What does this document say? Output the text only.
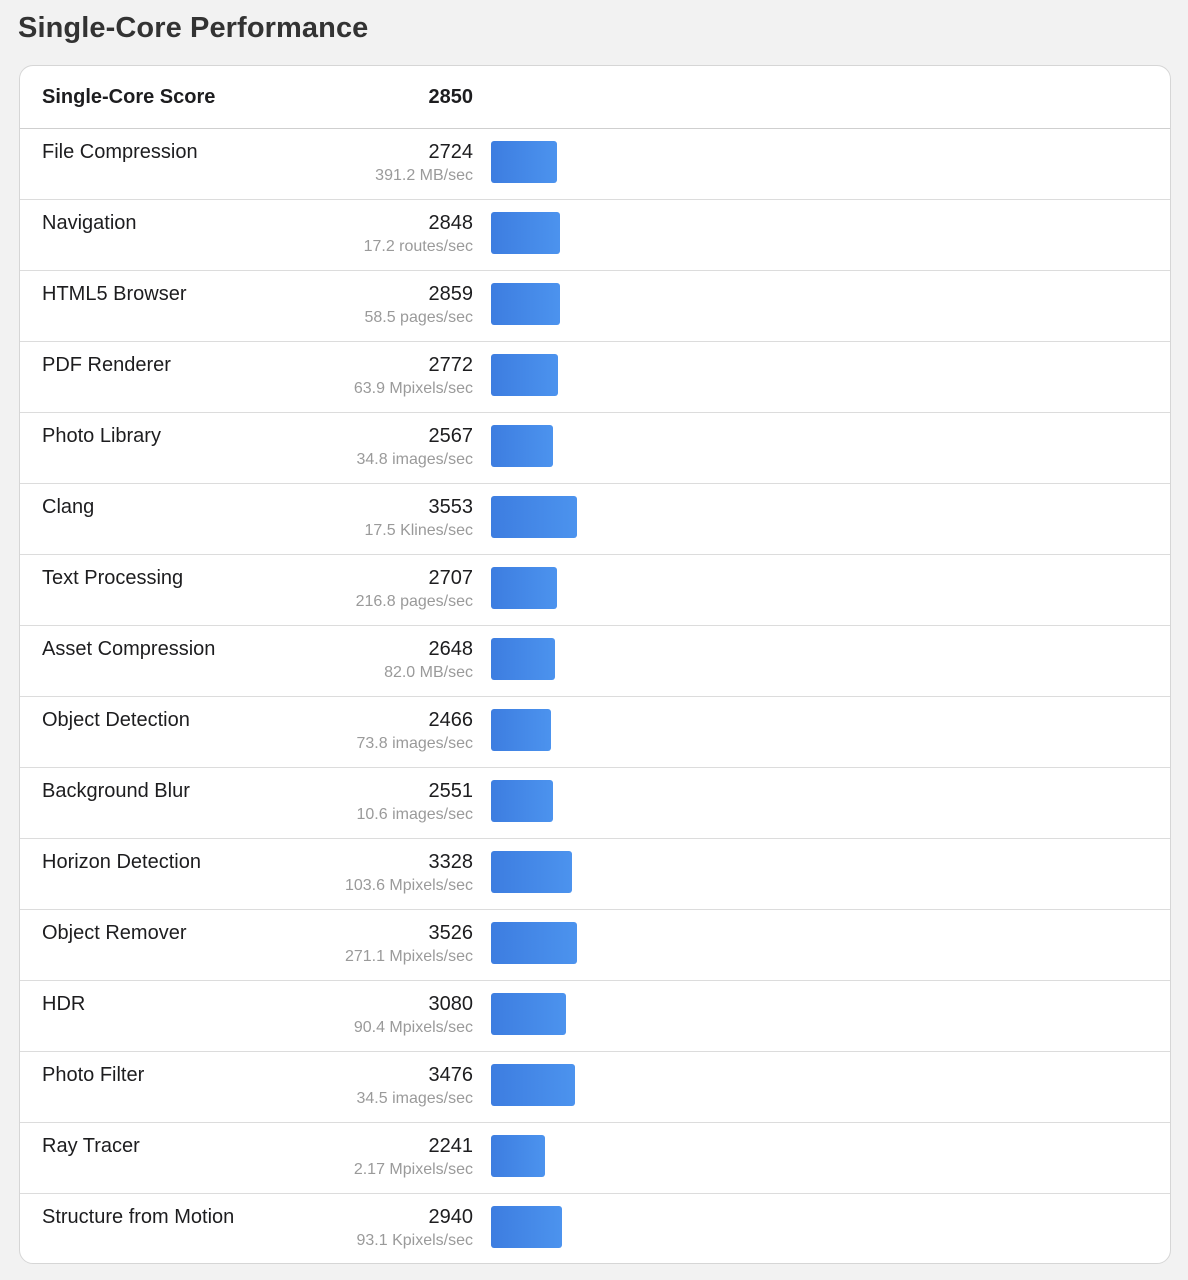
Single-Core Performance
Single-Core Score	2850
File Compression	2724
391.2 MB/sec
Navigation	2848
17.2 routes/sec
HTML5 Browser	2859
58.5 pages/sec
PDF Renderer	2772
63.9 Mpixels/sec
Photo Library	2567
34.8 images/sec
Clang	3553
17.5 Klines/sec
Text Processing	2707
216.8 pages/sec
Asset Compression	2648
82.0 MB/sec
Object Detection	2466
73.8 images/sec
Background Blur	2551
10.6 images/sec
Horizon Detection	3328
103.6 Mpixels/sec
Object Remover	3526
271.1 Mpixels/sec
HDR	3080
90.4 Mpixels/sec
Photo Filter	3476
34.5 images/sec
Ray Tracer	2241
2.17 Mpixels/sec
Structure from Motion	2940
93.1 Kpixels/sec
